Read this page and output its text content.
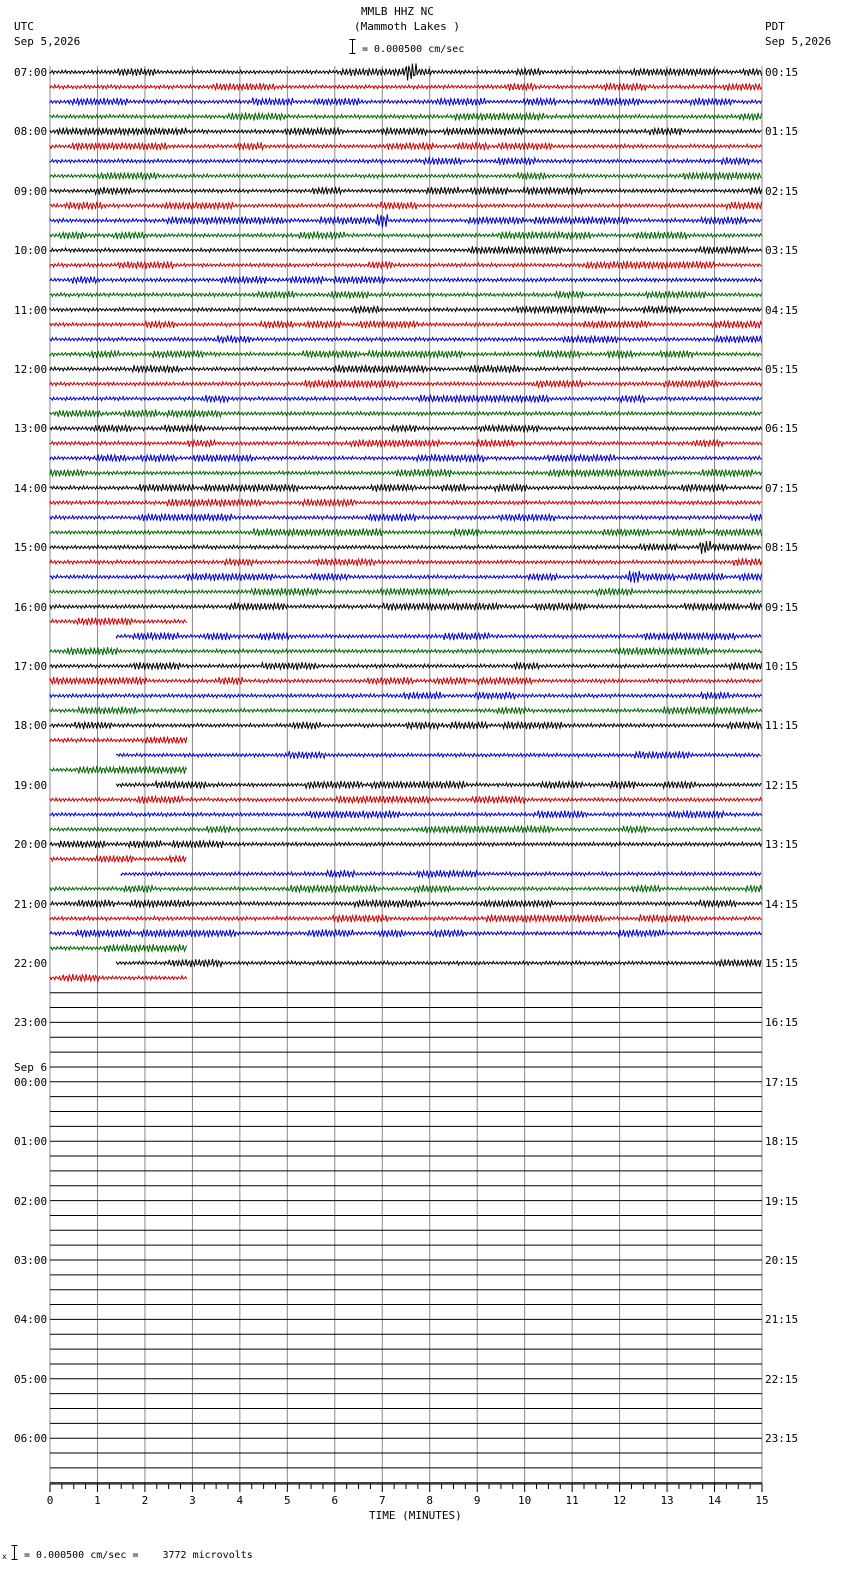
MMLB HHZ NC
(Mammoth Lakes )
UTC
Sep 5,2026
PDT
Sep 5,2026
= 0.000500 cm/sec
0	1	2	3	4	5	6	7	8	9	10	11	12	13	14	15
07:00
08:00
09:00
10:00
11:00
12:00
13:00
14:00
15:00
16:00
17:00
18:00
19:00
20:00
21:00
22:00
23:00
Sep 6
00:00
01:00
02:00
03:00
04:00
05:00
06:00
00:15
01:15
02:15
03:15
04:15
05:15
06:15
07:15
08:15
09:15
10:15
11:15
12:15
13:15
14:15
15:15
16:15
17:15
18:15
19:15
20:15
21:15
22:15
23:15
TIME (MINUTES)
x = 0.000500 cm/sec =    3772 microvolts
